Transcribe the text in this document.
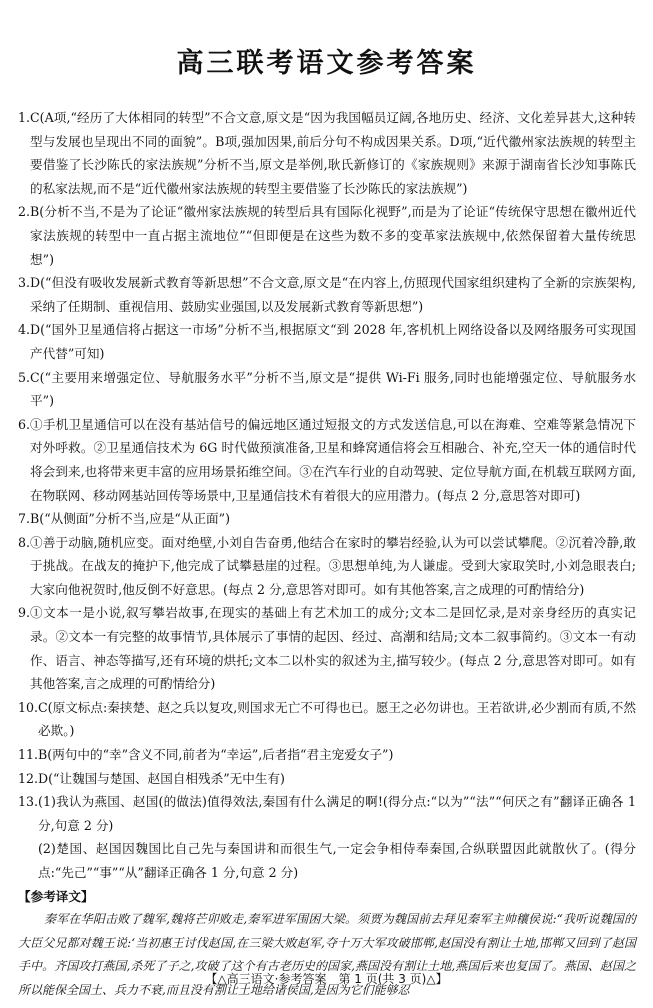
高三联考语文参考答案
1. C(A项,“经历了大体相同的转型”不合文意,原文是“因为我国幅员辽阔,各地历史、经济、文化差异甚大,这种转型与发展也呈现出不同的面貌”。B项,强加因果,前后分句不构成因果关系。D项,“近代徽州家法族规的转型主要借鉴了长沙陈氏的家法族规”分析不当,原文是举例,耿氏新修订的《家族规则》来源于湖南省长沙知事陈氏的私家法规,而不是“近代徽州家法族规的转型主要借鉴了长沙陈氏的家法族规”)
2. B(分析不当,不是为了论证“徽州家法族规的转型后具有国际化视野”,而是为了论证“传统保守思想在徽州近代家法族规的转型中一直占据主流地位”“但即便是在这些为数不多的变革家法族规中,依然保留着大量传统思想”)
3. D(“但没有吸收发展新式教育等新思想”不合文意,原文是“在内容上,仿照现代国家组织建构了全新的宗族架构,采纳了任期制、重视信用、鼓励实业强国,以及发展新式教育等新思想”)
4. D(“国外卫星通信将占据这一市场”分析不当,根据原文“到 2028 年,客机机上网络设备以及网络服务可实现国产代替”可知)
5. C(“主要用来增强定位、导航服务水平”分析不当,原文是“提供 Wi-Fi 服务,同时也能增强定位、导航服务水平”)
6. ①手机卫星通信可以在没有基站信号的偏远地区通过短报文的方式发送信息,可以在海难、空难等紧急情况下对外呼救。②卫星通信技术为 6G 时代做预演准备,卫星和蜂窝通信将会互相融合、补充,空天一体的通信时代将会到来,也将带来更丰富的应用场景拓维空间。③在汽车行业的自动驾驶、定位导航方面,在机载互联网方面,在物联网、移动网基站回传等场景中,卫星通信技术有着很大的应用潜力。(每点 2 分,意思答对即可)
7. B(“从侧面”分析不当,应是“从正面”)
8. ①善于动脑,随机应变。面对绝壁,小刘自告奋勇,他结合在家时的攀岩经验,认为可以尝试攀爬。②沉着冷静,敢于挑战。在战友的掩护下,他完成了试攀悬崖的过程。③思想单纯,为人谦虚。受到大家取笑时,小刘急眼表白;大家向他祝贺时,他反倒不好意思。(每点 2 分,意思答对即可。如有其他答案,言之成理的可酌情给分)
9. ①文本一是小说,叙写攀岩故事,在现实的基础上有艺术加工的成分;文本二是回忆录,是对亲身经历的真实记录。②文本一有完整的故事情节,具体展示了事情的起因、经过、高潮和结局;文本二叙事简约。③文本一有动作、语言、神态等描写,还有环境的烘托;文本二以朴实的叙述为主,描写较少。(每点 2 分,意思答对即可。如有其他答案,言之成理的可酌情给分)
10. C(原文标点:秦挟楚、赵之兵以复攻,则国求无亡不可得也已。愿王之必勿讲也。王若欲讲,必少割而有质,不然必欺。)
11. B(两句中的“幸”含义不同,前者为“幸运”,后者指“君主宠爱女子”)
12. D(“让魏国与楚国、赵国自相残杀”无中生有)
13. (1)我认为燕国、赵国(的做法)值得效法,秦国有什么满足的啊!(得分点:“以为”“法”“何厌之有”翻译正确各 1 分,句意 2 分)
(2)楚国、赵国因魏国比自己先与秦国讲和而很生气,一定会争相侍奉秦国,合纵联盟因此就散伙了。(得分点:“先己”“事”“从”翻译正确各 1 分,句意 2 分)
【参考译文】
秦军在华阳击败了魏军,魏将芒卯败走,秦军进军围困大梁。须贾为魏国前去拜见秦军主帅穰侯说:“我听说魏国的大臣父兄都对魏王说:‘当初惠王讨伐赵国,在三梁大败赵军,夺十万大军攻破邯郸,赵国没有割让土地,邯郸又回到了赵国手中。齐国攻打燕国,杀死了子之,攻破了这个有古老历史的国家,燕国没有割让土地,燕国后来也复国了。燕国、赵国之所以能保全国土、兵力不衰,而且没有割让土地给诸侯国,是因为它们能够忍
【△高三语文·参考答案　第 1 页(共 3 页)△】
